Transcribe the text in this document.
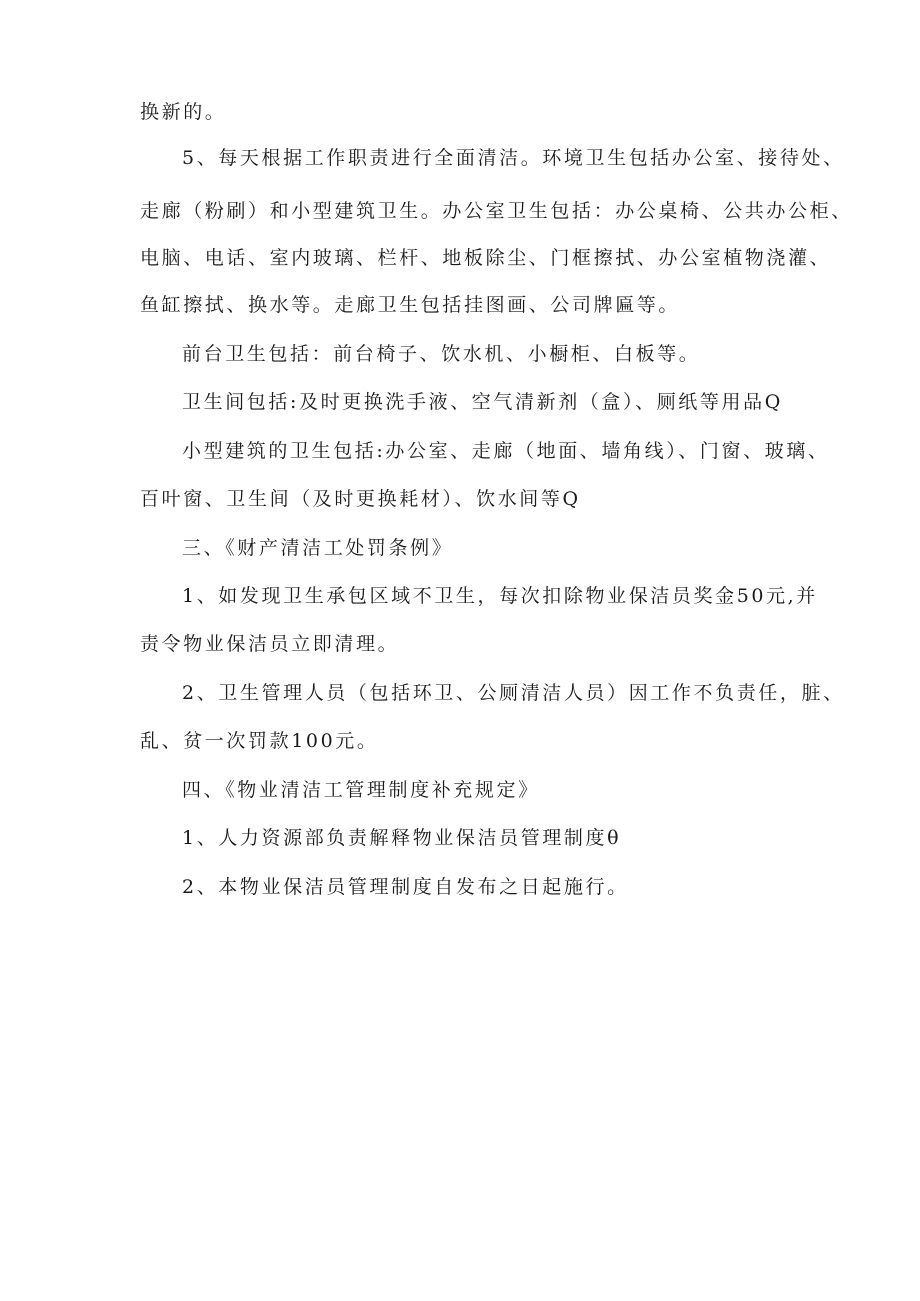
换新的。
5、每天根据工作职责进行全面清洁。环境卫生包括办公室、接待处、
走廊（粉刷）和小型建筑卫生。办公室卫生包括：办公桌椅、公共办公柜、
电脑、电话、室内玻璃、栏杆、地板除尘、门框擦拭、办公室植物浇灌、
鱼缸擦拭、换水等。走廊卫生包括挂图画、公司牌匾等。
前台卫生包括：前台椅子、饮水机、小橱柜、白板等。
卫生间包括:及时更换洗手液、空气清新剂（盒）、厕纸等用品Q
小型建筑的卫生包括:办公室、走廊（地面、墙角线）、门窗、玻璃、
百叶窗、卫生间（及时更换耗材）、饮水间等Q
三、《财产清洁工处罚条例》
1、如发现卫生承包区域不卫生，每次扣除物业保洁员奖金50元,并
责令物业保洁员立即清理。
2、卫生管理人员（包括环卫、公厕清洁人员）因工作不负责任，脏、
乱、贫一次罚款100元。
四、《物业清洁工管理制度补充规定》
1、人力资源部负责解释物业保洁员管理制度θ
2、本物业保洁员管理制度自发布之日起施行。
